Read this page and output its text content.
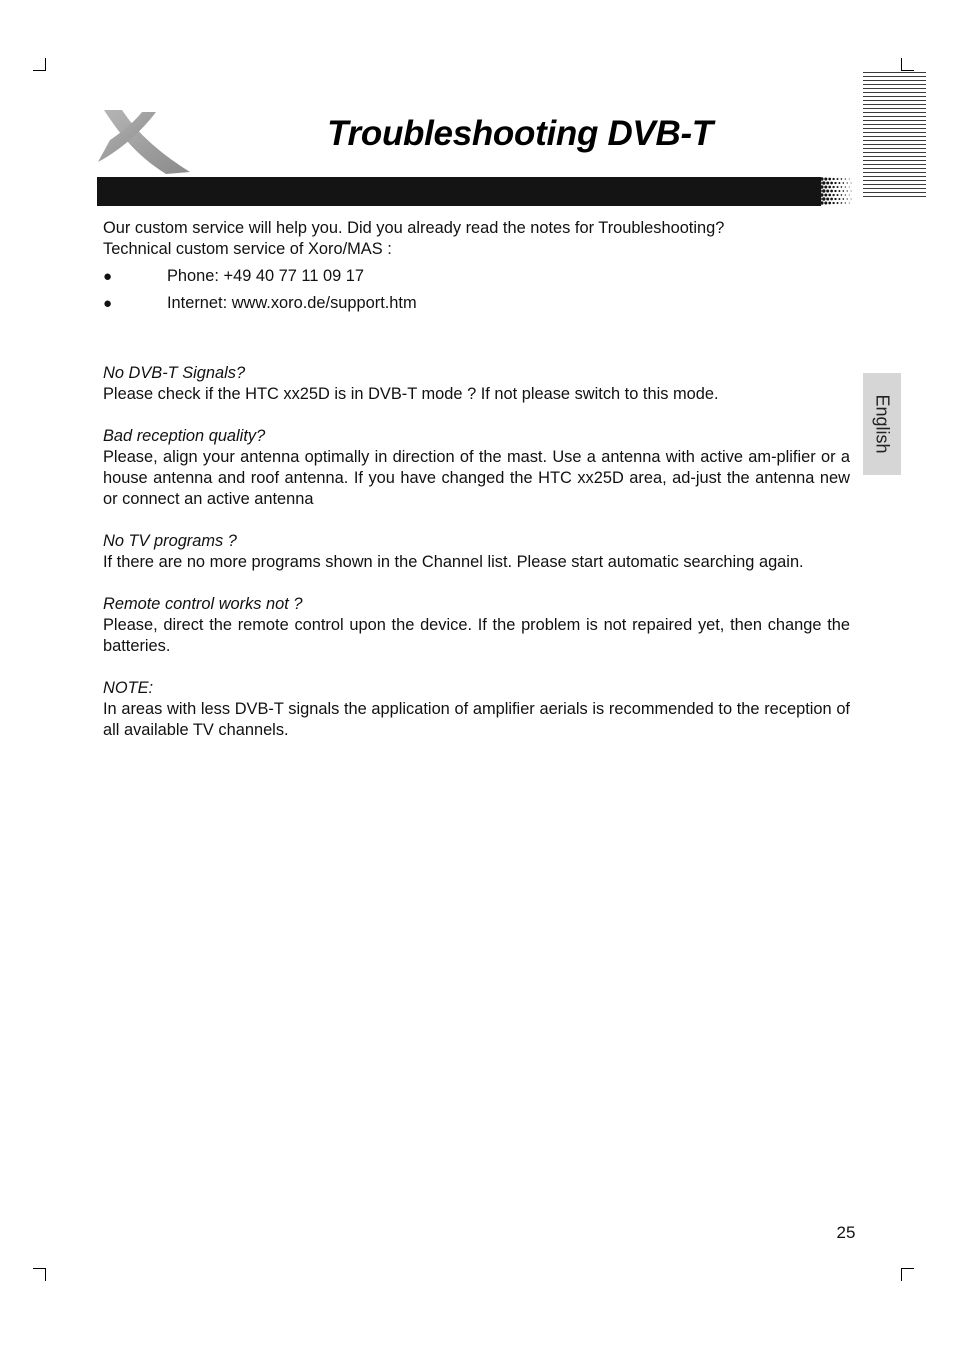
Troubleshooting DVB-T
English

Our custom service will help you. Did you already read the notes for Troubleshooting?

Technical custom service of Xoro/MAS :

●	Phone: +49 40 77 11 09 17
●	Internet: www.xoro.de/support.htm

No DVB-T Signals?

Please check if the HTC xx25D is in DVB-T mode ? If not please switch to this mode.

Bad reception quality?

Please, align your antenna optimally in direction of the mast. Use a antenna with active am-plifier or a house antenna and roof antenna. If you have changed the HTC xx25D area, ad-just the antenna new or connect an active antenna

No TV programs ?

If there are no more programs shown in the Channel list. Please start automatic searching again.

Remote control works not ?

Please, direct the remote control upon the device. If the problem is not repaired yet, then change the batteries.

NOTE:

In areas with less DVB-T signals the application of amplifier aerials is recommended to the reception of all available TV channels.

25
